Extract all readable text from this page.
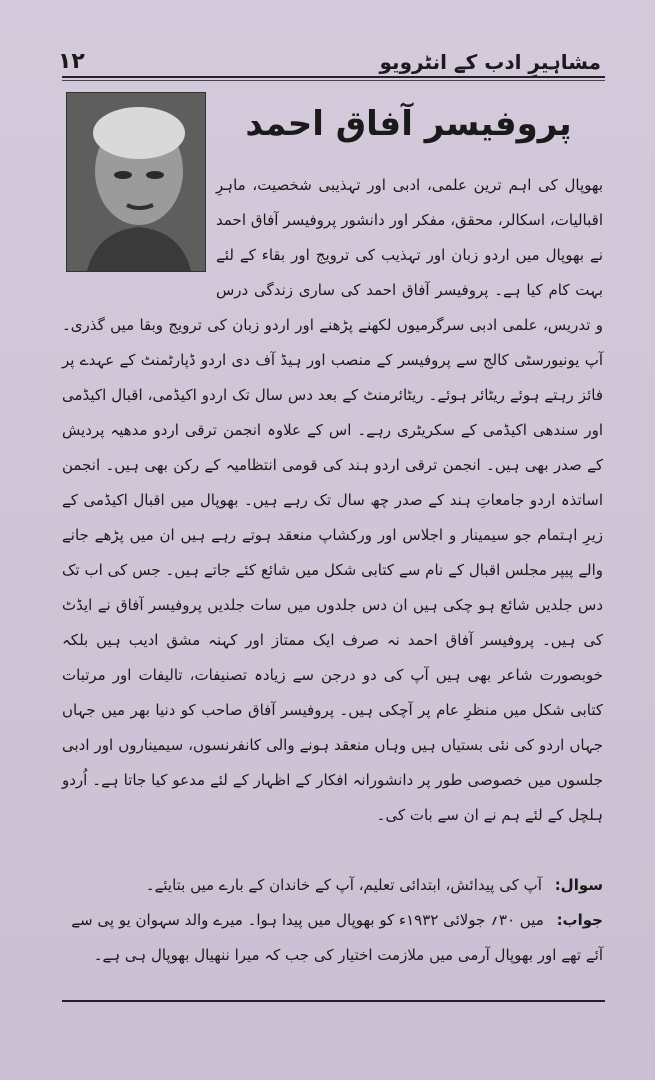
مشاہیرِ ادب کے انٹرویو
۱۲
پروفیسر آفاق احمد

بھوپال کی اہم ترین علمی، ادبی اور تہذیبی شخصیت، ماہرِ اقبالیات، اسکالر، محقق، مفکر اور دانشور پروفیسر آفاق احمد نے بھوپال میں اردو زبان اور تہذیب کی ترویج اور بقاء کے لئے بہت کام کیا ہے۔ پروفیسر آفاق احمد کی ساری زندگی درس و تدریس، علمی ادبی سرگرمیوں لکھنے پڑھنے اور اردو زبان کی ترویج وبقا میں گذری۔ آپ یونیورسٹی کالج سے پروفیسر کے منصب اور ہیڈ آف دی اردو ڈپارٹمنٹ کے عہدے پر فائز رہتے ہوئے ریٹائر ہوئے۔ ریٹائرمنٹ کے بعد دس سال تک اردو اکیڈمی، اقبال اکیڈمی اور سندھی اکیڈمی کے سکریٹری رہے۔ اس کے علاوہ انجمن ترقی اردو مدھیہ پردیش کے صدر بھی ہیں۔ انجمن ترقی اردو ہند کی قومی انتظامیہ کے رکن بھی ہیں۔ انجمن اساتذہ اردو جامعاتِ ہند کے صدر چھ سال تک رہے ہیں۔ بھوپال میں اقبال اکیڈمی کے زیرِ اہتمام جو سیمینار و اجلاس اور ورکشاپ منعقد ہوتے رہے ہیں ان میں پڑھے جانے والے پیپر مجلس اقبال کے نام سے کتابی شکل میں شائع کئے جاتے ہیں۔ جس کی اب تک دس جلدیں شائع ہو چکی ہیں ان دس جلدوں میں سات جلدیں پروفیسر آفاق نے ایڈٹ کی ہیں۔ پروفیسر آفاق احمد نہ صرف ایک ممتاز اور کہنہ مشق ادیب ہیں بلکہ خوبصورت شاعر بھی ہیں آپ کی دو درجن سے زیادہ تصنیفات، تالیفات اور مرتبات کتابی شکل میں منظرِ عام پر آچکی ہیں۔ پروفیسر آفاق صاحب کو دنیا بھر میں جہاں جہاں اردو کی نئی بستیاں ہیں وہاں منعقد ہونے والی کانفرنسوں، سیمیناروں اور ادبی جلسوں میں خصوصی طور پر دانشورانہ افکار کے اظہار کے لئے مدعو کیا جاتا ہے۔ اُردو ہلچل کے لئے ہم نے ان سے بات کی۔

سوال: آپ کی پیدائش، ابتدائی تعلیم، آپ کے خاندان کے بارے میں بتایئے۔

جواب: میں ۳۰؍ جولائی ۱۹۳۲ء کو بھوپال میں پیدا ہوا۔ میرے والد سہوان یو پی سے آئے تھے اور بھوپال آرمی میں ملازمت اختیار کی جب کہ میرا ننھیال بھوپال ہی ہے۔
